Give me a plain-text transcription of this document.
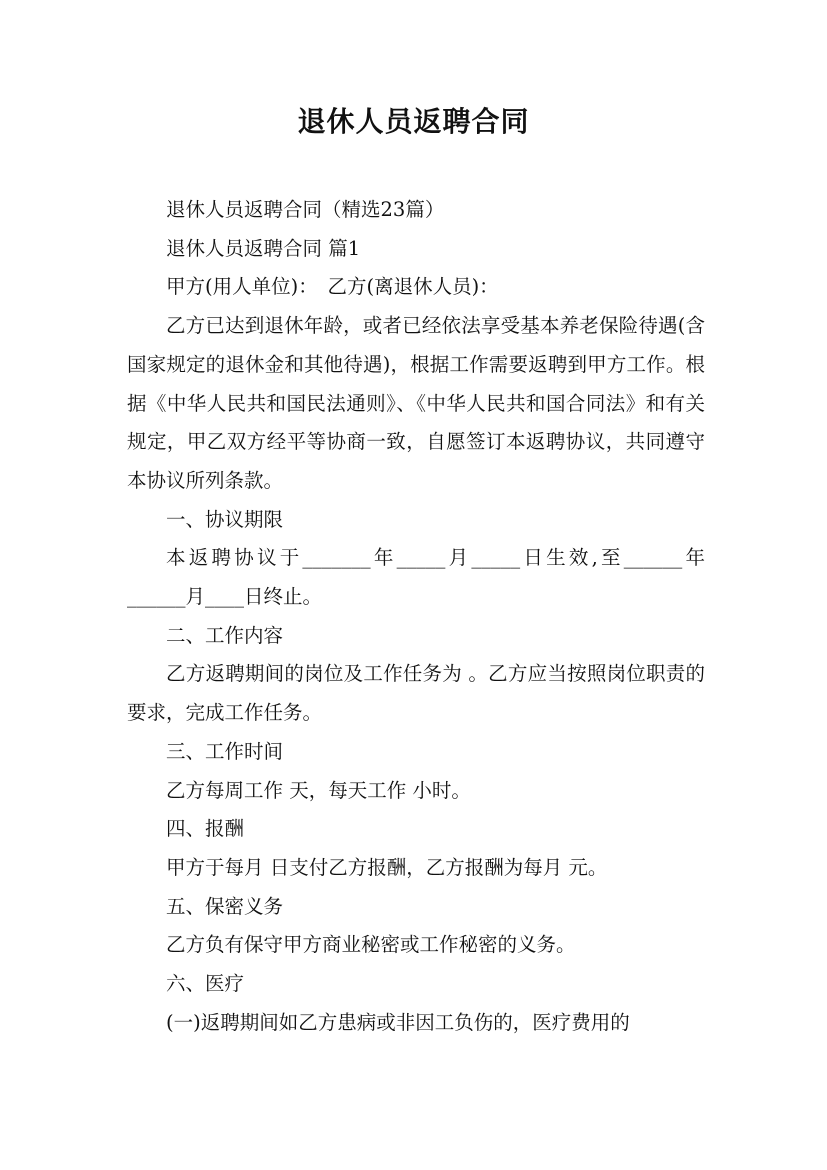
退休人员返聘合同

退休人员返聘合同（精选23篇）

退休人员返聘合同 篇1

甲方(用人单位)：　乙方(离退休人员)：

乙方已达到退休年龄，或者已经依法享受基本养老保险待遇(含国家规定的退休金和其他待遇)，根据工作需要返聘到甲方工作。根据《中华人民共和国民法通则》、《中华人民共和国合同法》和有关规定，甲乙双方经平等协商一致，自愿签订本返聘协议，共同遵守本协议所列条款。

一、协议期限

本返聘协议于_______年_____月_____日生效,至______年______月____日终止。

二、工作内容

乙方返聘期间的岗位及工作任务为 。乙方应当按照岗位职责的要求，完成工作任务。

三、工作时间

乙方每周工作 天，每天工作 小时。

四、报酬

甲方于每月 日支付乙方报酬，乙方报酬为每月 元。

五、保密义务

乙方负有保守甲方商业秘密或工作秘密的义务。

六、医疗

(一)返聘期间如乙方患病或非因工负伤的，医疗费用的
